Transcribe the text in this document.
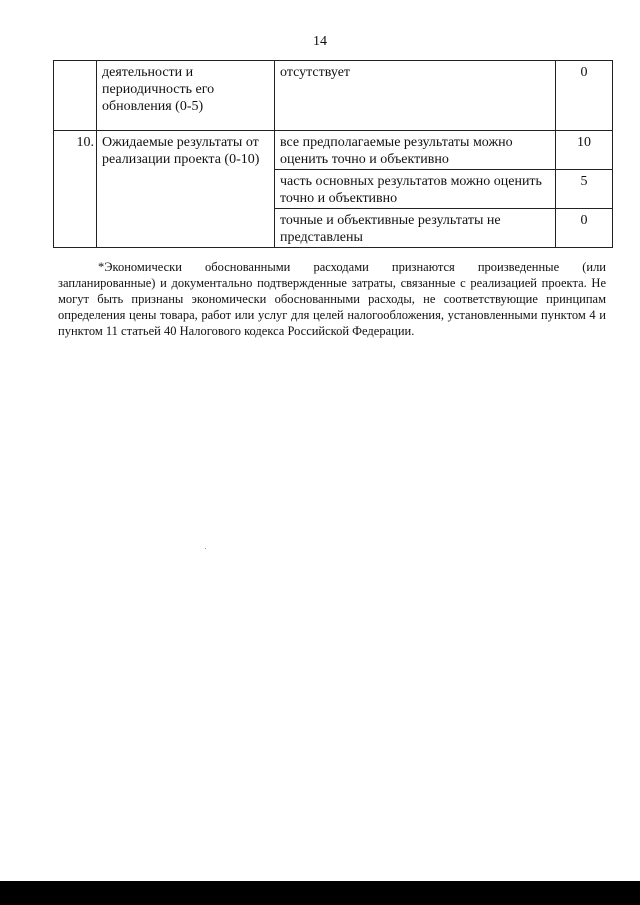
14
	деятельности и периодичность его обновления (0-5)	отсутствует	0
10.	Ожидаемые результаты от реализации проекта (0-10)	все предполагаемые результаты можно оценить точно и объективно	10
		часть основных результатов можно оценить точно и объективно	5
		точные и объективные результаты не представлены	0

*Экономически обоснованными расходами признаются произведенные (или запланированные) и документально подтвержденные затраты, связанные с реализацией проекта. Не могут быть признаны экономически обоснованными расходы, не соответствующие принципам определения цены товара, работ или услуг для целей налогообложения, установленными пунктом 4 и пунктом 11 статьей 40 Налогового кодекса Российской Федерации.
